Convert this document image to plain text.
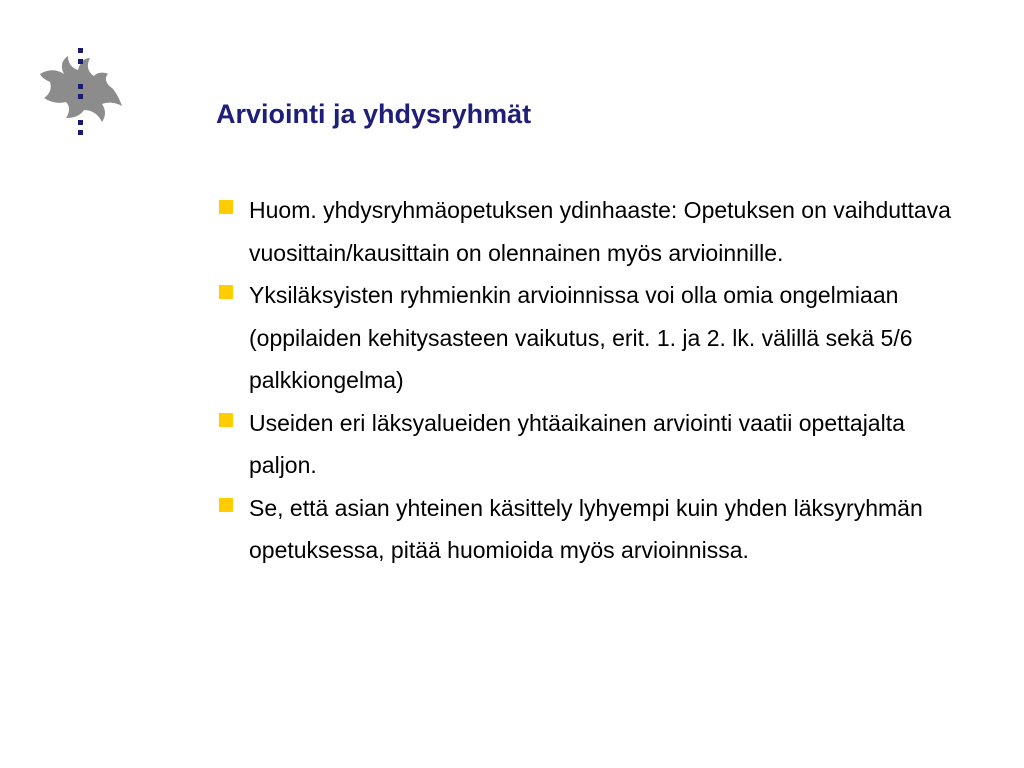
Arviointi ja yhdysryhmät
Huom. yhdysryhmäopetuksen ydinhaaste: Opetuksen on vaihduttava vuosittain/kausittain on olennainen myös arvioinnille.
Yksiläksyisten ryhmienkin arvioinnissa voi olla omia ongelmiaan (oppilaiden kehitysasteen vaikutus, erit. 1. ja 2. lk. välillä sekä 5/6 palkkiongelma)
Useiden eri läksyalueiden yhtäaikainen arviointi vaatii opettajalta paljon.
Se, että asian yhteinen käsittely lyhyempi kuin yhden läksyryhmän opetuksessa, pitää huomioida myös arvioinnissa.
